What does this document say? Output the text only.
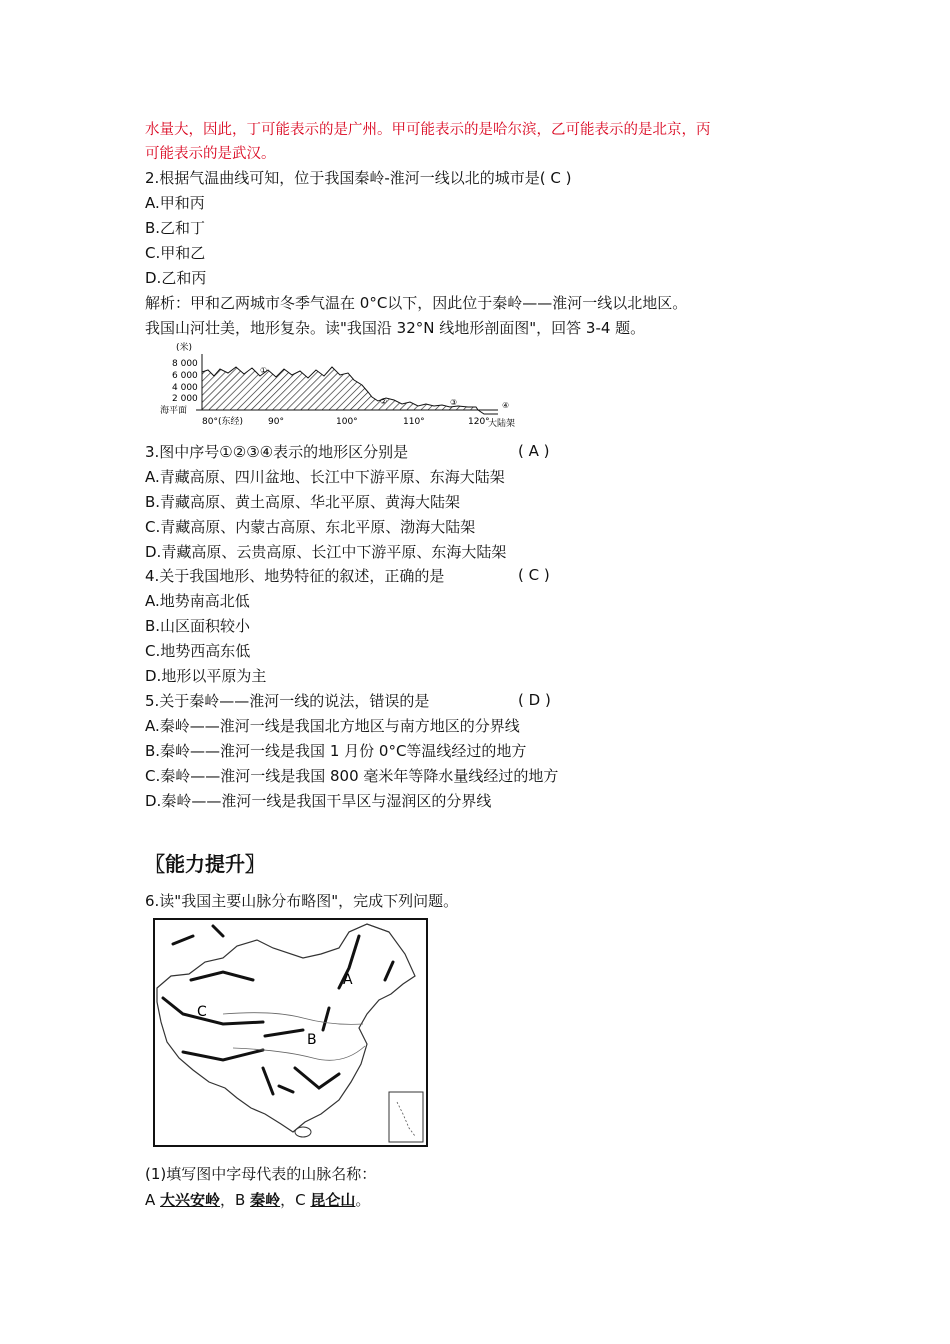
水量大，因此，丁可能表示的是广州。甲可能表示的是哈尔滨，乙可能表示的是北京，丙
可能表示的是武汉。
2.根据气温曲线可知，位于我国秦岭-淮河一线以北的城市是( C )
A.甲和丙
B.乙和丁
C.甲和乙
D.乙和丙
解析：甲和乙两城市冬季气温在 0°C以下，因此位于秦岭——淮河一线以北地区。
我国山河壮美，地形复杂。读"我国沿 32°N 线地形剖面图"，回答 3-4 题。
(米)
8 000
6 000
4 000
2 000
海平面
①
②	③	④
80°(东经)	90°	100°	110°	120°
大陆架
3.图中序号①②③④表示的地形区分别是	( A )
A.青藏高原、四川盆地、长江中下游平原、东海大陆架
B.青藏高原、黄土高原、华北平原、黄海大陆架
C.青藏高原、内蒙古高原、东北平原、渤海大陆架
D.青藏高原、云贵高原、长江中下游平原、东海大陆架
4.关于我国地形、地势特征的叙述，正确的是	( C )
A.地势南高北低
B.山区面积较小
C.地势西高东低
D.地形以平原为主
5.关于秦岭——淮河一线的说法，错误的是	( D )
A.秦岭——淮河一线是我国北方地区与南方地区的分界线
B.秦岭——淮河一线是我国 1 月份 0°C等温线经过的地方
C.秦岭——淮河一线是我国 800 毫米年等降水量线经过的地方
D.秦岭——淮河一线是我国干旱区与湿润区的分界线
〖能力提升〗
6.读"我国主要山脉分布略图"，完成下列问题。
A
B
C
(1)填写图中字母代表的山脉名称：
A 大兴安岭，B 秦岭，C 昆仑山。
